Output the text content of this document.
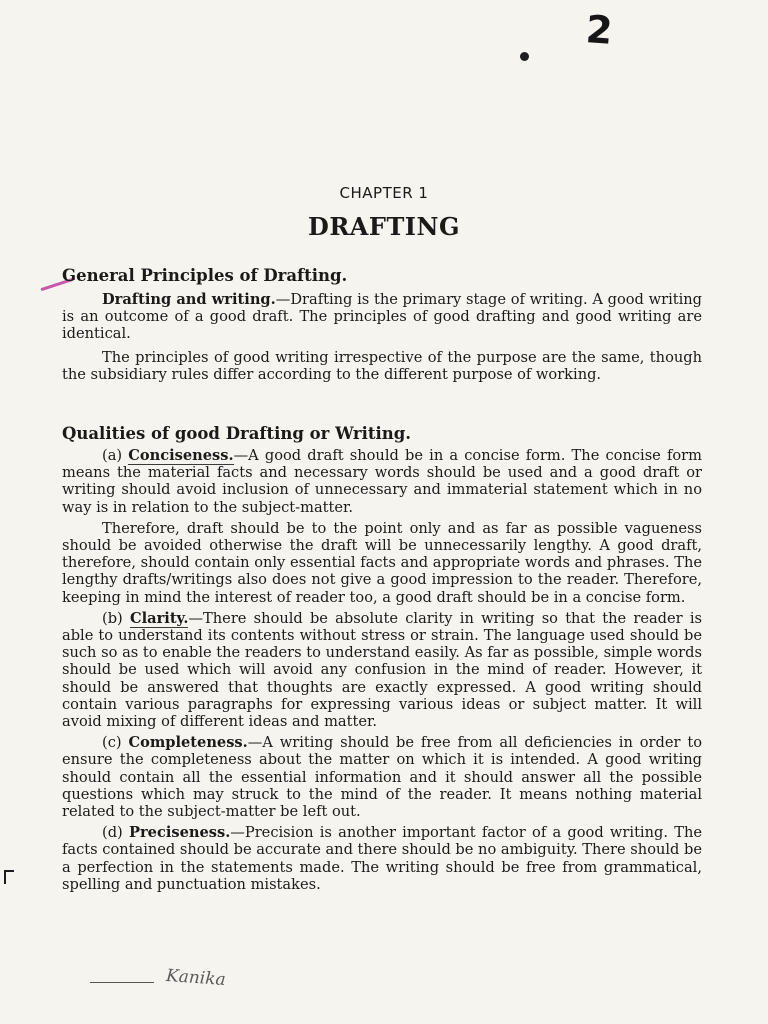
2
CHAPTER 1
DRAFTING
General Principles of Drafting.

Drafting and writing.—Drafting is the primary stage of writing. A good writing is an outcome of a good draft. The principles of good drafting and good writing are identical.

The principles of good writing irrespective of the purpose are the same, though the subsidiary rules differ according to the different purpose of working.

Qualities of good Drafting or Writing.

(a) Conciseness.—A good draft should be in a concise form. The concise form means the material facts and necessary words should be used and a good draft or writing should avoid inclusion of unnecessary and immaterial statement which in no way is in relation to the subject-matter.

Therefore, draft should be to the point only and as far as possible vagueness should be avoided otherwise the draft will be unnecessarily lengthy. A good draft, therefore, should contain only essential facts and appropriate words and phrases. The lengthy drafts/writings also does not give a good impression to the reader. Therefore, keeping in mind the interest of reader too, a good draft should be in a concise form.

(b) Clarity.—There should be absolute clarity in writing so that the reader is able to understand its contents without stress or strain. The language used should be such so as to enable the readers to understand easily. As far as possible, simple words should be used which will avoid any confusion in the mind of reader. However, it should be answered that thoughts are exactly expressed. A good writing should contain various paragraphs for expressing various ideas or subject matter. It will avoid mixing of different ideas and matter.

(c) Completeness.—A writing should be free from all deficiencies in order to ensure the completeness about the matter on which it is intended. A good writing should contain all the essential information and it should answer all the possible questions which may struck to the mind of the reader. It means nothing material related to the subject-matter be left out.

(d) Preciseness.—Precision is another important factor of a good writing. The facts contained should be accurate and there should be no ambiguity. There should be a perfection in the statements made. The writing should be free from grammatical, spelling and punctuation mistakes.

Kanika
